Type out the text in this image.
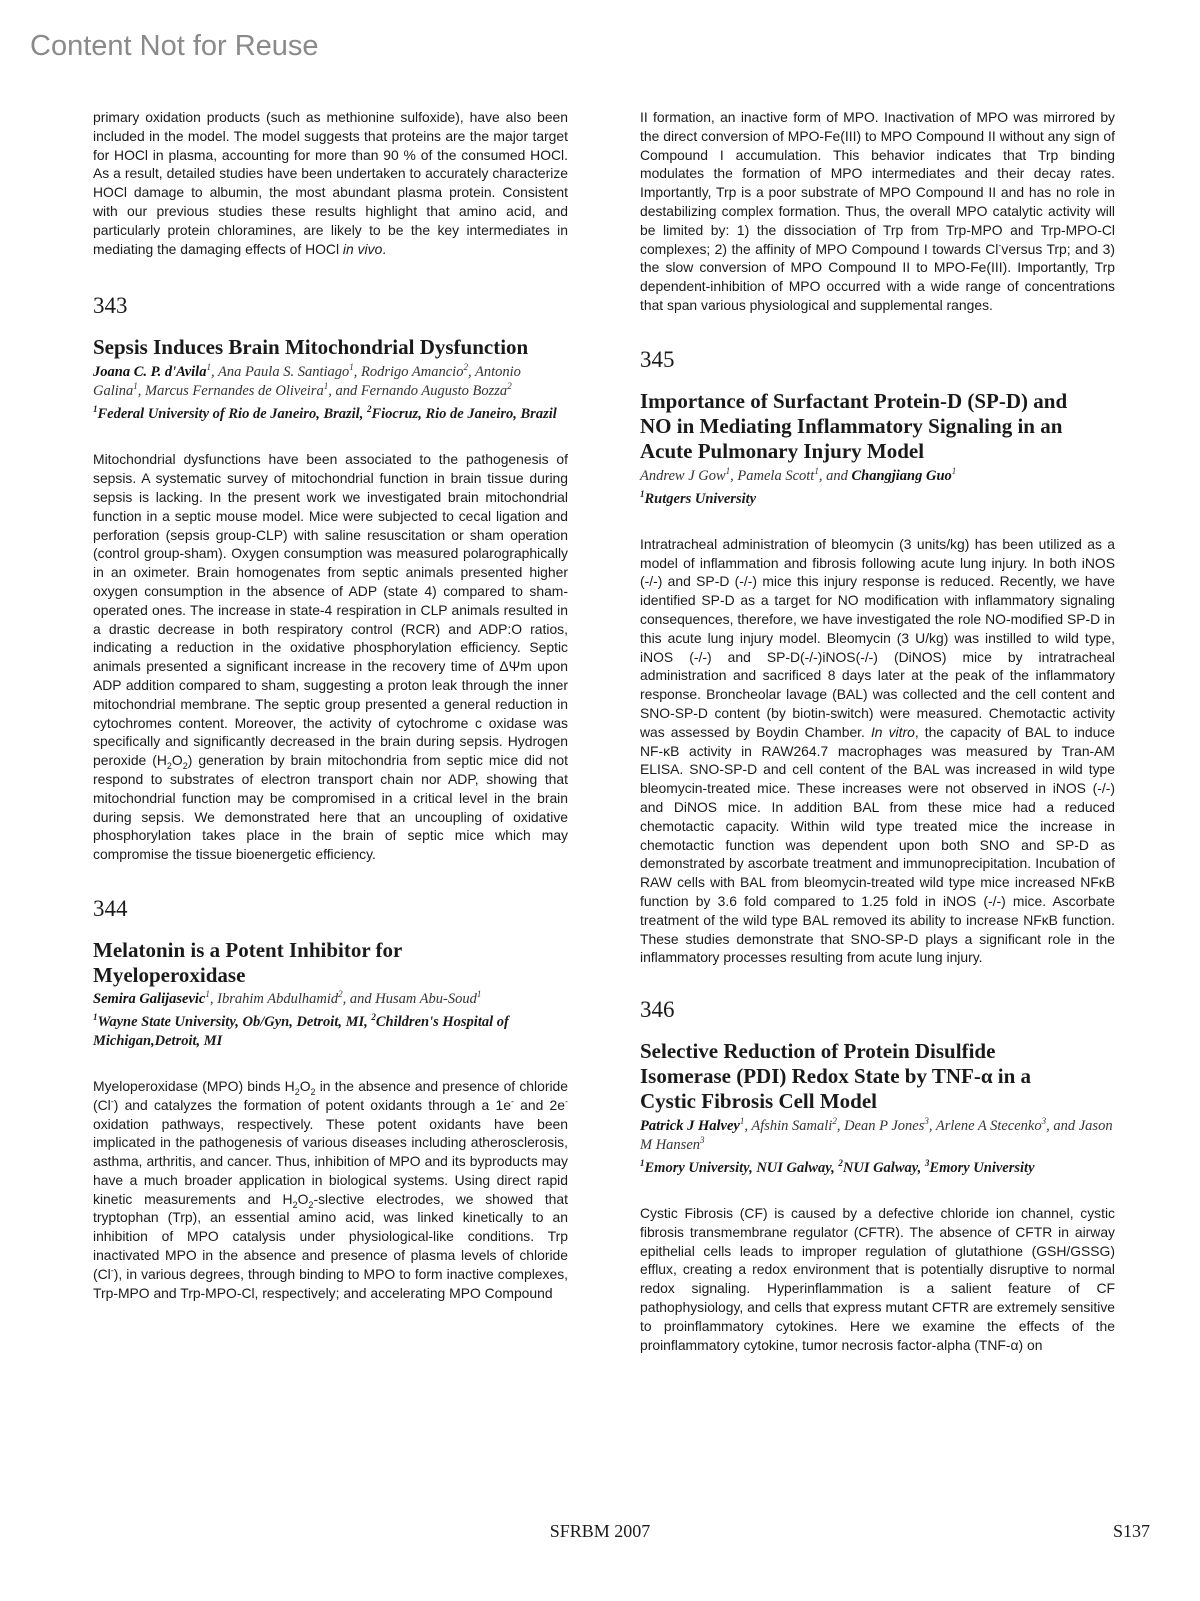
Content Not for Reuse

primary oxidation products (such as methionine sulfoxide), have also been included in the model. The model suggests that proteins are the major target for HOCl in plasma, accounting for more than 90 % of the consumed HOCl. As a result, detailed studies have been undertaken to accurately characterize HOCl damage to albumin, the most abundant plasma protein. Consistent with our previous studies these results highlight that amino acid, and particularly protein chloramines, are likely to be the key intermediates in mediating the damaging effects of HOCl in vivo.

343

Sepsis Induces Brain Mitochondrial Dysfunction

Joana C. P. d'Avila$^1$, Ana Paula S. Santiago$^1$, Rodrigo Amancio$^2$, Antonio Galina$^1$, Marcus Fernandes de Oliveira$^1$, and Fernando Augusto Bozza$^2$

$^1$Federal University of Rio de Janeiro, Brazil, $^2$Fiocruz, Rio de Janeiro, Brazil

Mitochondrial dysfunctions have been associated to the pathogenesis of sepsis. A systematic survey of mitochondrial function in brain tissue during sepsis is lacking. In the present work we investigated brain mitochondrial function in a septic mouse model. Mice were subjected to cecal ligation and perforation (sepsis group-CLP) with saline resuscitation or sham operation (control group-sham). Oxygen consumption was measured polarographically in an oximeter. Brain homogenates from septic animals presented higher oxygen consumption in the absence of ADP (state 4) compared to sham-operated ones. The increase in state-4 respiration in CLP animals resulted in a drastic decrease in both respiratory control (RCR) and ADP:O ratios, indicating a reduction in the oxidative phosphorylation efficiency. Septic animals presented a significant increase in the recovery time of ΔΨm upon ADP addition compared to sham, suggesting a proton leak through the inner mitochondrial membrane. The septic group presented a general reduction in cytochromes content. Moreover, the activity of cytochrome c oxidase was specifically and significantly decreased in the brain during sepsis. Hydrogen peroxide $(H_2O_2)$ generation by brain mitochondria from septic mice did not respond to substrates of electron transport chain nor ADP, showing that mitochondrial function may be compromised in a critical level in the brain during sepsis. We demonstrated here that an uncoupling of oxidative phosphorylation takes place in the brain of septic mice which may compromise the tissue bioenergetic efficiency.

344

Melatonin is a Potent Inhibitor for Myeloperoxidase

Semira Galijasevic$^1$, Ibrahim Abdulhamid$^2$, and Husam Abu-Soud$^1$

$^1$Wayne State University, Ob/Gyn, Detroit, MI, $^2$Children's Hospital of Michigan,Detroit, MI

Myeloperoxidase (MPO) binds $H_2O_2$ in the absence and presence of chloride (Cl-) and catalyzes the formation of potent oxidants through a 1e- and 2e- oxidation pathways, respectively. These potent oxidants have been implicated in the pathogenesis of various diseases including atherosclerosis, asthma, arthritis, and cancer. Thus, inhibition of MPO and its byproducts may have a much broader application in biological systems. Using direct rapid kinetic measurements and $H_2O_2$-slective electrodes, we showed that tryptophan (Trp), an essential amino acid, was linked kinetically to an inhibition of MPO catalysis under physiological-like conditions. Trp inactivated MPO in the absence and presence of plasma levels of chloride (Cl-), in various degrees, through binding to MPO to form inactive complexes, Trp-MPO and Trp-MPO-Cl, respectively; and accelerating MPO Compound

II formation, an inactive form of MPO. Inactivation of MPO was mirrored by the direct conversion of MPO-Fe(III) to MPO Compound II without any sign of Compound I accumulation. This behavior indicates that Trp binding modulates the formation of MPO intermediates and their decay rates. Importantly, Trp is a poor substrate of MPO Compound II and has no role in destabilizing complex formation. Thus, the overall MPO catalytic activity will be limited by: 1) the dissociation of Trp from Trp-MPO and Trp-MPO-Cl complexes; 2) the affinity of MPO Compound I towards Cl-versus Trp; and 3) the slow conversion of MPO Compound II to MPO-Fe(III). Importantly, Trp dependent-inhibition of MPO occurred with a wide range of concentrations that span various physiological and supplemental ranges.

345

Importance of Surfactant Protein-D (SP-D) and NO in Mediating Inflammatory Signaling in an Acute Pulmonary Injury Model

Andrew J Gow$^1$, Pamela Scott$^1$, and Changjiang Guo$^1$

$^1$Rutgers University

Intratracheal administration of bleomycin (3 units/kg) has been utilized as a model of inflammation and fibrosis following acute lung injury. In both iNOS (-/-) and SP-D (-/-) mice this injury response is reduced. Recently, we have identified SP-D as a target for NO modification with inflammatory signaling consequences, therefore, we have investigated the role NO-modified SP-D in this acute lung injury model. Bleomycin (3 U/kg) was instilled to wild type, iNOS (-/-) and SP-D(-/-)iNOS(-/-) (DiNOS) mice by intratracheal administration and sacrificed 8 days later at the peak of the inflammatory response. Broncheolar lavage (BAL) was collected and the cell content and SNO-SP-D content (by biotin-switch) were measured. Chemotactic activity was assessed by Boydin Chamber. In vitro, the capacity of BAL to induce NF-κB activity in RAW264.7 macrophages was measured by Tran-AM ELISA. SNO-SP-D and cell content of the BAL was increased in wild type bleomycin-treated mice. These increases were not observed in iNOS (-/-) and DiNOS mice. In addition BAL from these mice had a reduced chemotactic capacity. Within wild type treated mice the increase in chemotactic function was dependent upon both SNO and SP-D as demonstrated by ascorbate treatment and immunoprecipitation. Incubation of RAW cells with BAL from bleomycin-treated wild type mice increased NFκB function by 3.6 fold compared to 1.25 fold in iNOS (-/-) mice. Ascorbate treatment of the wild type BAL removed its ability to increase NFκB function. These studies demonstrate that SNO-SP-D plays a significant role in the inflammatory processes resulting from acute lung injury.

346

Selective Reduction of Protein Disulfide Isomerase (PDI) Redox State by TNF-α in a Cystic Fibrosis Cell Model

Patrick J Halvey$^1$, Afshin Samali$^2$, Dean P Jones$^3$, Arlene A Stecenko$^3$, and Jason M Hansen$^3$

$^1$Emory University, NUI Galway, $^2$NUI Galway, $^3$Emory University

Cystic Fibrosis (CF) is caused by a defective chloride ion channel, cystic fibrosis transmembrane regulator (CFTR). The absence of CFTR in airway epithelial cells leads to improper regulation of glutathione (GSH/GSSG) efflux, creating a redox environment that is potentially disruptive to normal redox signaling. Hyperinflammation is a salient feature of CF pathophysiology, and cells that express mutant CFTR are extremely sensitive to proinflammatory cytokines. Here we examine the effects of the proinflammatory cytokine, tumor necrosis factor-alpha (TNF-α) on

SFRBM 2007	S137
